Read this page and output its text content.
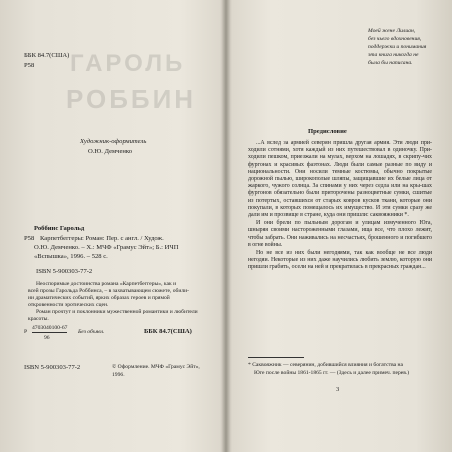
ГАРОЛЬ
РОББИН
ББК 84.7(США)
Р58
Художник-оформитель
О.Ю. Демченко
Роббинс Гарольд
Р58 Карпетбеггеры: Роман: Пер. с англ. / Худож.
О.Ю. Демченко. – Х.: МЧФ «Грамус Эйт»; Б.: ИЧП
«Вспышка», 1996. – 528 с.
ISBN 5-900303-77-2
Неоспоримые достоинства романа «Карпетбеггеры», как и
всей прозы Гарольда Роббинса, – в захватывающем сюжете, обили-
ии драматических событий, ярких образах героев и прямой
откровенности эротических сцен.
Роман прочтут и поклонники мужественной романтики и любители
красоты.
Р
4703040100-67
96
Без объявл.	ББК 84.7(США)
ISBN 5-900303-77-2	© Оформление. МЧФ «Грамус Эйт»,
1996.
Моей жене Лилиан,
без чьего вдохновения,
поддержки и понимания
эта книга никогда не
была бы написана.
Предисловие

...А вслед за армией северян пришла другая армия. Эти люди при-ходили сотнями, хотя каждый из них путешествовал в одиночку. При-ходили пешком, приезжали на мулах, верхом на лошадях, в скрипу-чих фургонах и красивых фаэтонах. Люди были самые разные по виду и национальности. Они носили темные костюмы, обычно покрытые дорожной пылью, широкополые шляпы, защищавшие их белые лица от жаркого, чужого солнца. За спинами у них через седла или на кры-шах фургонов обязательно были приторочены разноцветные сумки, сшитые из потертых, оставшихся от старых ковров кусков ткани, которые они покупали, в которых помещалось их имущество. И эти сумки сразу же дали им и прозвище в стране, куда они пришли: саквояжники *.

И они брели по пыльным дорогам и улицам измученного Юга, шныряя своими настороженными глазами, ища все, что плохо лежит, чтобы забрать. Они наживались на несчастьях, брошенного и погибшего в огне войны.

Но не все из них были негодяями, так как вообще не все люди негодяи. Некоторые из них даже научились любить землю, которую они пришли грабить, осели на ней и прекратилась в прекрасных граждан...

* Саквояжник — северянин, добившийся влияния и богатства на
Юге после войны 1861-1865 гг. — (Здесь и далее примеч. перев.)
3
